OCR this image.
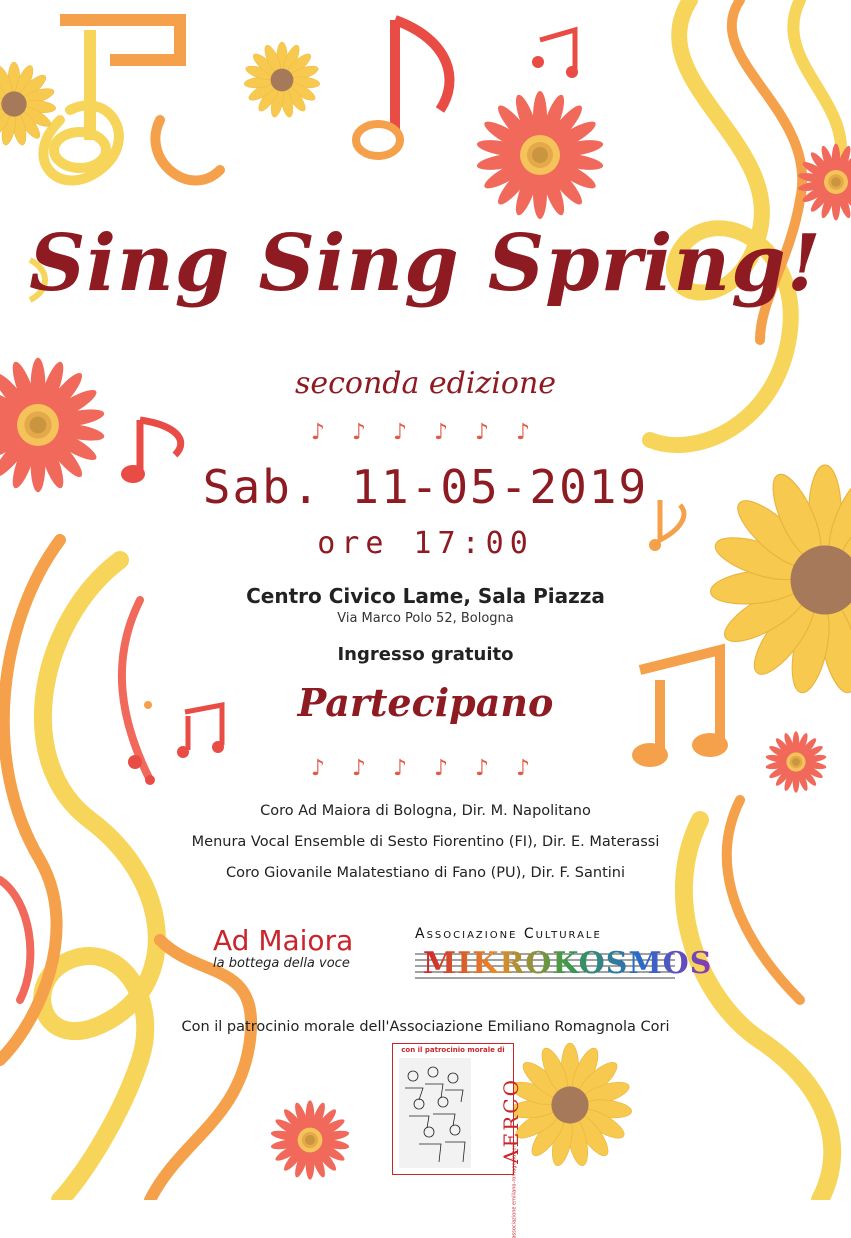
Sing Sing Spring!
seconda edizione
♪ ♪ ♪ ♪ ♪ ♪
Sab. 11-05-2019
ore 17:00
Centro Civico Lame, Sala Piazza
Via Marco Polo 52, Bologna
Ingresso gratuito
Partecipano
♪ ♪ ♪ ♪ ♪ ♪
Coro Ad Maiora di Bologna, Dir. M. Napolitano
Menura Vocal Ensemble di Sesto Fiorentino (FI), Dir. E. Materassi
Coro Giovanile Malatestiano di Fano (PU), Dir. F. Santini
Ad Maiora
la bottega della voce
Associazione Culturale
MIKROKOSMOS
Con il patrocinio morale dell'Associazione Emiliano Romagnola Cori
con il patrocinio morale di
AERCO
associazione emiliano-romagnola cori
